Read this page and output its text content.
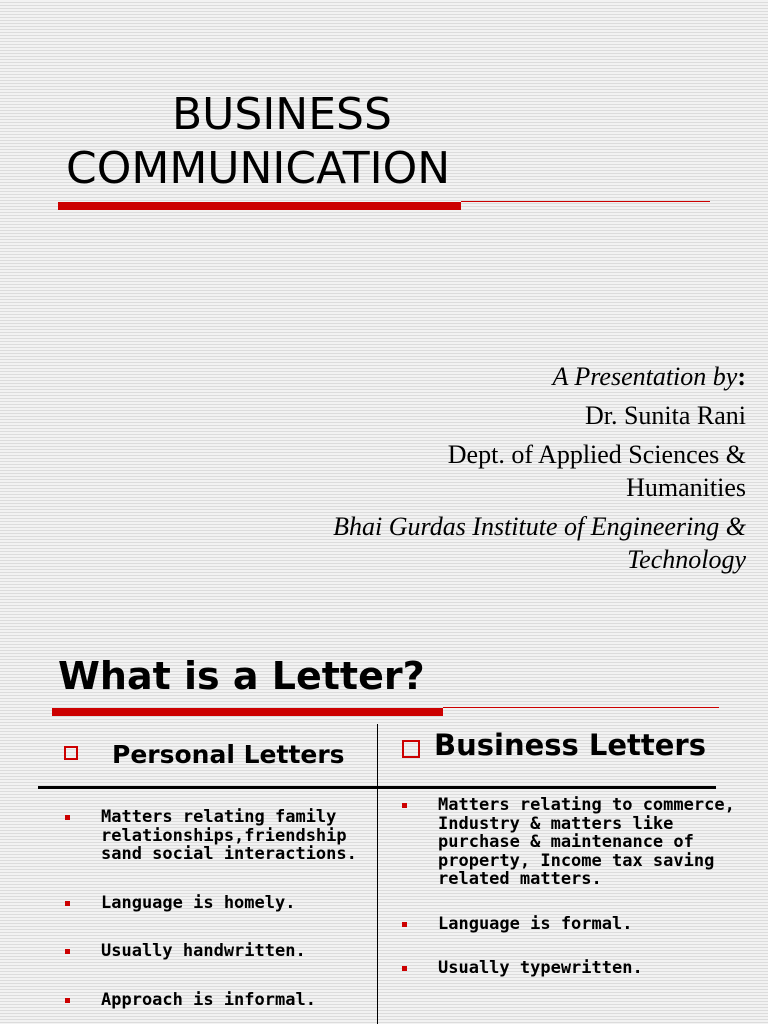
BUSINESS
COMMUNICATION

A Presentation by:

Dr. Sunita Rani

Dept. of Applied Sciences &

Humanities

Bhai Gurdas Institute of Engineering &

Technology

What is a Letter?
Personal Letters	Business Letters
Matters relating family relationships,friendship sand social interactions.
Language is homely.
Usually handwritten.
Approach is informal.
Matters relating to commerce, Industry & matters like purchase & maintenance of property, Income tax saving related matters.
Language is formal.
Usually typewritten.
